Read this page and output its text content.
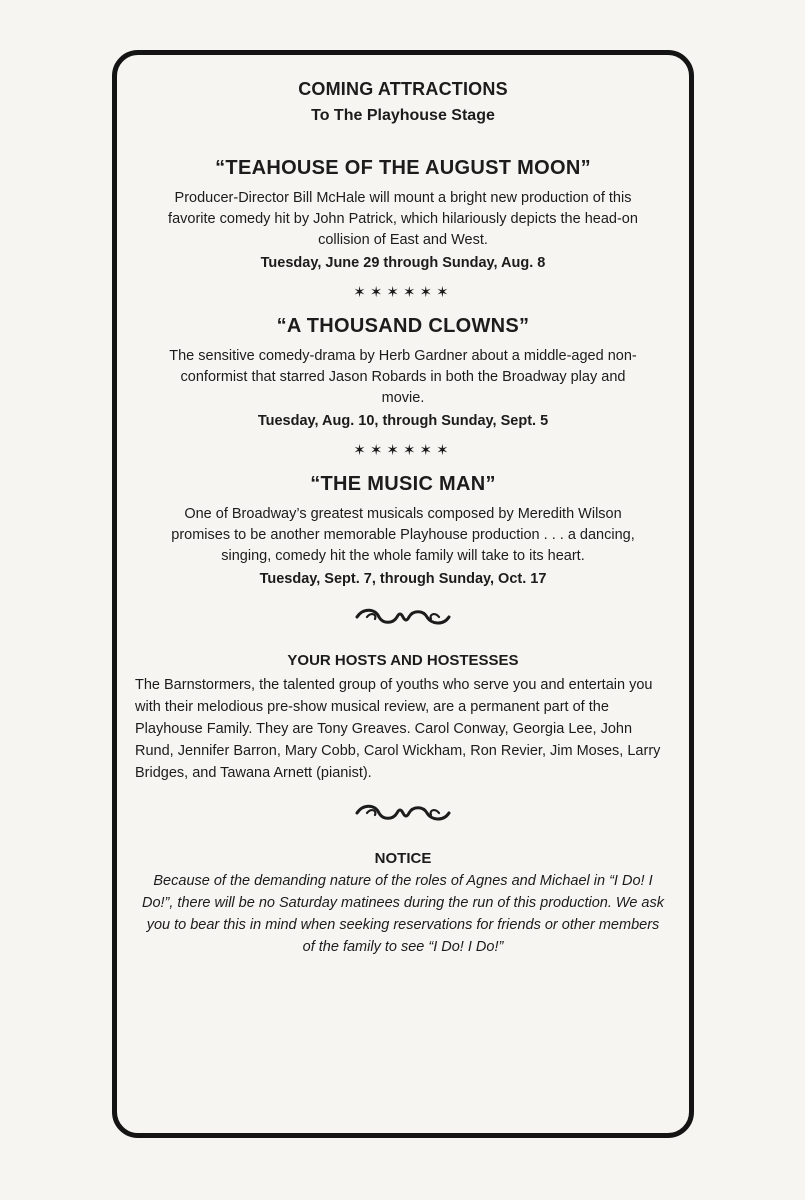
COMING ATTRACTIONS
To The Playhouse Stage
“TEAHOUSE OF THE AUGUST MOON”

Producer-Director Bill McHale will mount a bright new production of this favorite comedy hit by John Patrick, which hilariously depicts the head-on collision of East and West.

Tuesday, June 29 through Sunday, Aug. 8

✶✶✶✶✶✶
“A THOUSAND CLOWNS”

The sensitive comedy-drama by Herb Gardner about a middle-aged non-conformist that starred Jason Robards in both the Broadway play and movie.

Tuesday, Aug. 10, through Sunday, Sept. 5

✶✶✶✶✶✶
“THE MUSIC MAN”

One of Broadway’s greatest musicals composed by Meredith Wilson promises to be another memorable Playhouse production . . . a dancing, singing, comedy hit the whole family will take to its heart.

Tuesday, Sept. 7, through Sunday, Oct. 17

YOUR HOSTS AND HOSTESSES

The Barnstormers, the talented group of youths who serve you and entertain you with their melodious pre-show musical review, are a permanent part of the Playhouse Family. They are Tony Greaves. Carol Conway, Georgia Lee, John Rund, Jennifer Barron, Mary Cobb, Carol Wickham, Ron Revier, Jim Moses, Larry Bridges, and Tawana Arnett (pianist).

NOTICE

Because of the demanding nature of the roles of Agnes and Michael in “I Do! I Do!”, there will be no Saturday matinees during the run of this production. We ask you to bear this in mind when seeking reservations for friends or other members of the family to see “I Do! I Do!”
